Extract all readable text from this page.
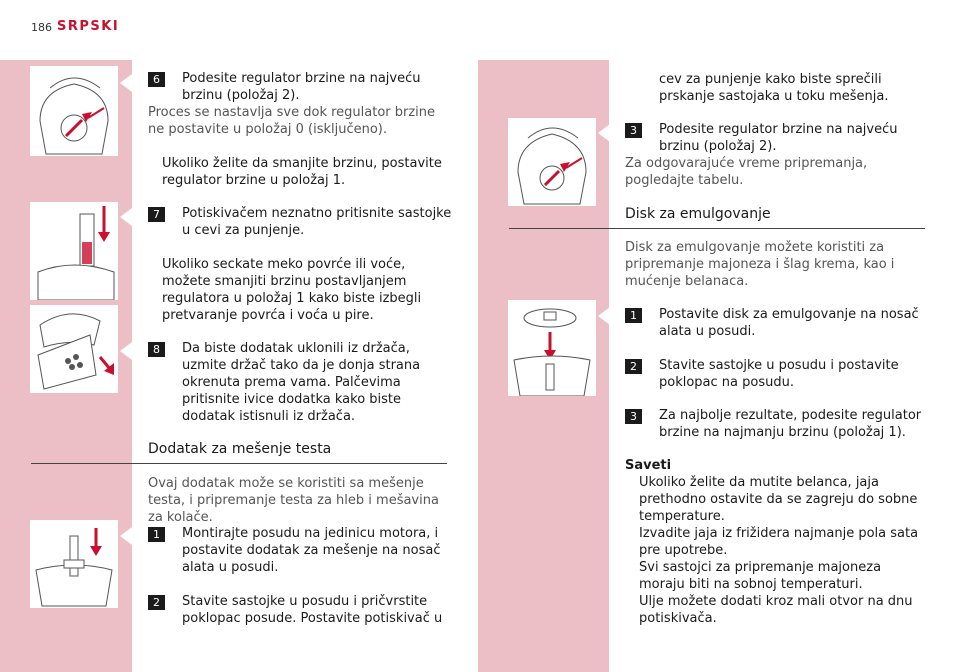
186 SRPSKI
6	Podesite regulator brzine na najveću brzinu (položaj 2).
Proces se nastavlja sve dok regulator brzine ne postavite u položaj 0 (isključeno).
Ukoliko želite da smanjite brzinu, postavite regulator brzine u položaj 1.
7	Potiskivačem neznatno pritisnite sastojke u cevi za punjenje.
Ukoliko seckate meko povrće ili voće, možete smanjiti brzinu postavljanjem regulatora u položaj 1 kako biste izbegli pretvaranje povrća i voća u pire.
8	Da biste dodatak uklonili iz držača, uzmite držač tako da je donja strana okrenuta prema vama. Palčevima pritisnite ivice dodatka kako biste dodatak istisnuli iz držača.
Dodatak za mešenje testa
Ovaj dodatak može se koristiti sa mešenje testa, i pripremanje testa za hleb i mešavina za kolače.
1	Montirajte posudu na jedinicu motora, i postavite dodatak za mešenje na nosač alata u posudi.
2	Stavite sastojke u posudu i pričvrstite poklopac posude. Postavite potiskivač u
cev za punjenje kako biste sprečili prskanje sastojaka u toku mešenja.
3	Podesite regulator brzine na najveću brzinu (položaj 2).
Za odgovarajuće vreme pripremanja, pogledajte tabelu.
Disk za emulgovanje
Disk za emulgovanje možete koristiti za pripremanje majoneza i šlag krema, kao i mućenje belanaca.
1	Postavite disk za emulgovanje na nosač alata u posudi.
2	Stavite sastojke u posudu i postavite poklopac na posudu.
3	Za najbolje rezultate, podesite regulator brzine na najmanju brzinu (položaj 1).
Saveti
Ukoliko želite da mutite belanca, jaja prethodno ostavite da se zagreju do sobne temperature.
Izvadite jaja iz frižidera najmanje pola sata pre upotrebe.
Svi sastojci za pripremanje majoneza moraju biti na sobnoj temperaturi.
Ulje možete dodati kroz mali otvor na dnu potiskivača.
